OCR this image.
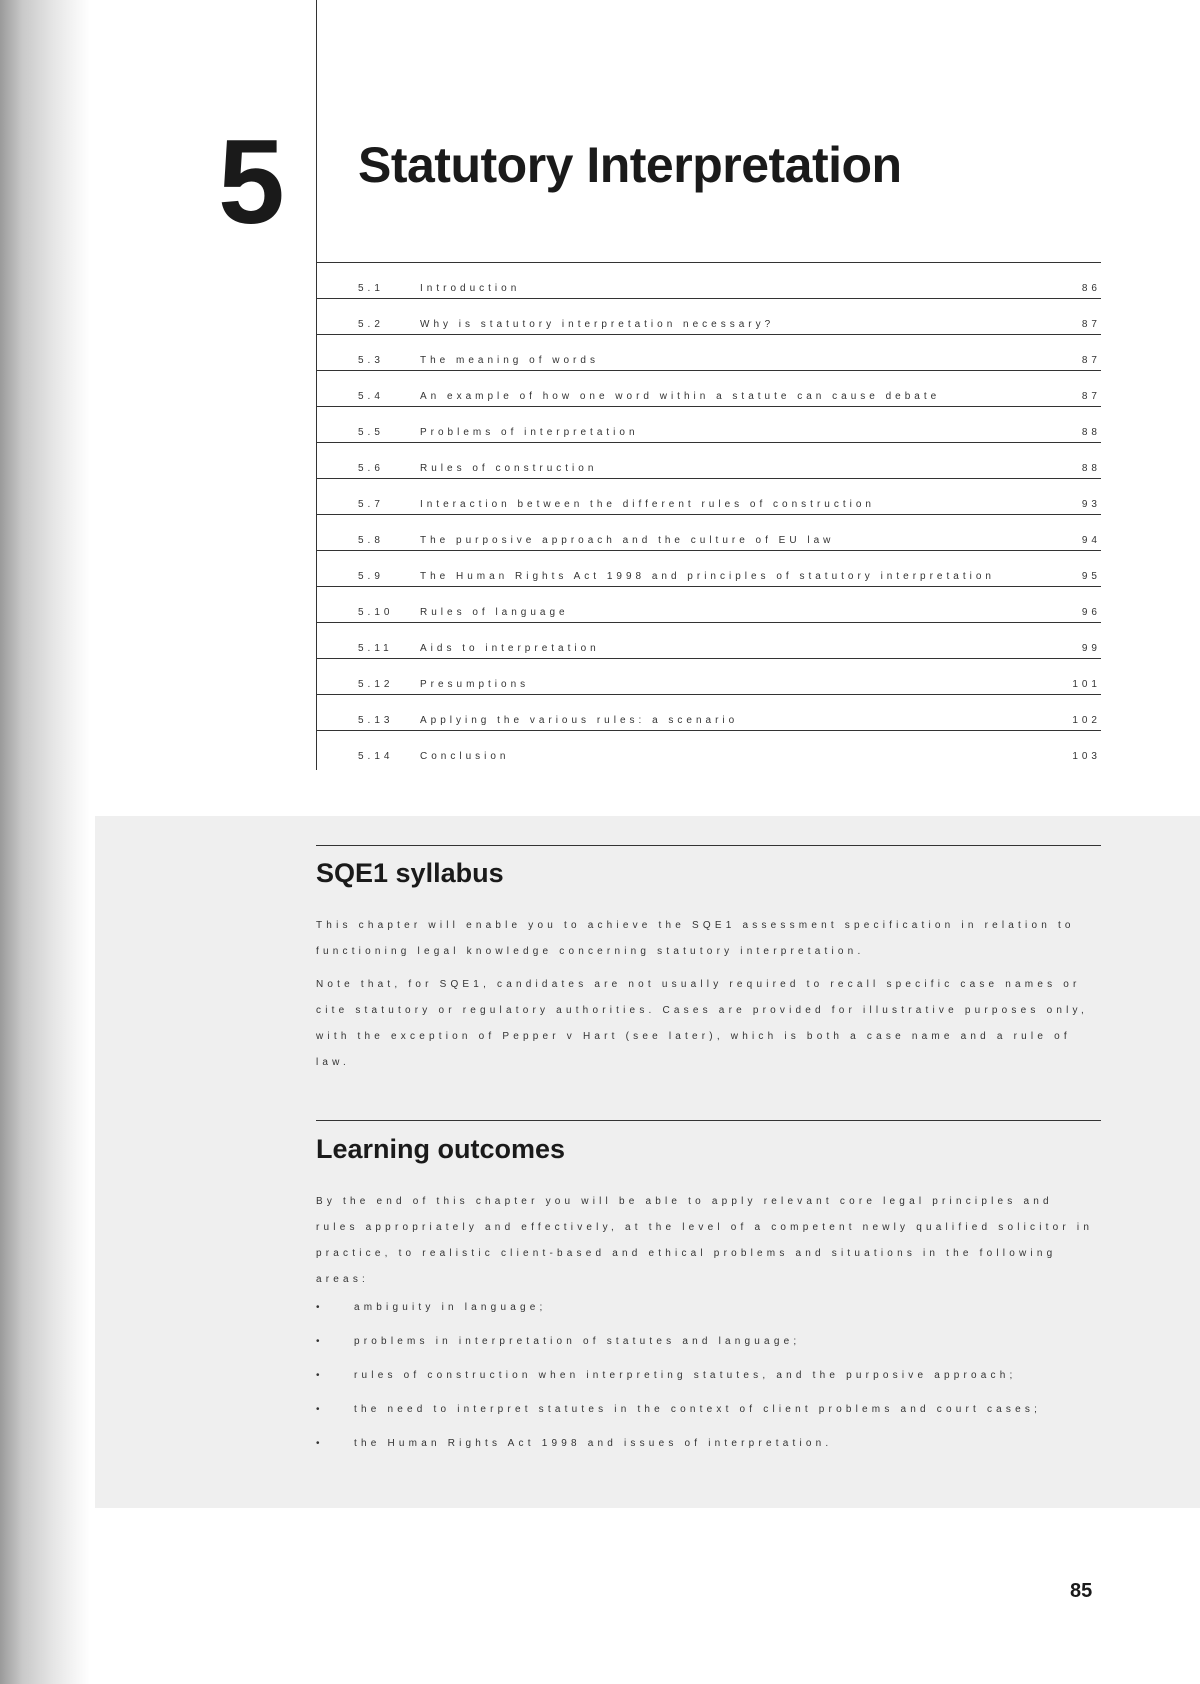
5 Statutory Interpretation
5.1	Introduction	86
5.2	Why is statutory interpretation necessary?	87
5.3	The meaning of words	87
5.4	An example of how one word within a statute can cause debate	87
5.5	Problems of interpretation	88
5.6	Rules of construction	88
5.7	Interaction between the different rules of construction	93
5.8	The purposive approach and the culture of EU law	94
5.9	The Human Rights Act 1998 and principles of statutory interpretation	95
5.10	Rules of language	96
5.11	Aids to interpretation	99
5.12	Presumptions	101
5.13	Applying the various rules: a scenario	102
5.14	Conclusion	103
SQE1 syllabus

This chapter will enable you to achieve the SQE1 assessment specification in relation to functioning legal knowledge concerning statutory interpretation.

Note that, for SQE1, candidates are not usually required to recall specific case names or cite statutory or regulatory authorities. Cases are provided for illustrative purposes only, with the exception of Pepper v Hart (see later), which is both a case name and a rule of law.

Learning outcomes

By the end of this chapter you will be able to apply relevant core legal principles and rules appropriately and effectively, at the level of a competent newly qualified solicitor in practice, to realistic client-based and ethical problems and situations in the following areas:

•	ambiguity in language;
•	problems in interpretation of statutes and language;
•	rules of construction when interpreting statutes, and the purposive approach;
•	the need to interpret statutes in the context of client problems and court cases;
•	the Human Rights Act 1998 and issues of interpretation.
85
